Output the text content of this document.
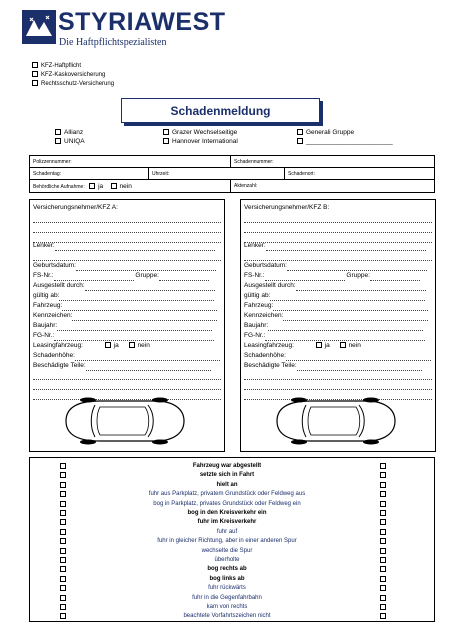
STYRIAWEST
Die Haftpflichtspezialisten
KFZ-Haftpflicht
KFZ-Kaskoversicherung
Rechtsschutz-Versicherung
Schadenmeldung
Allianz
UNIQA
Grazer Wechselseitige
Hannover International
Generali Gruppe
________________________
Polizzennummer:	Schadennummer:
Schadentag:	Uhrzeit:	Schadenort:
Behördliche Aufnahme: ja	nein	Aktenzahl:
Versicherungsnehmer/KFZ A:
Lenker:
Geburtsdatum:
FS-Nr.:	Gruppe:
Ausgestellt durch:
gültig ab:
Fahrzeug:
Kennzeichen:
Baujahr:
FG-Nr.:
Leasingfahrzeug:	ja	nein
Schadenhöhe:
Beschädigte Teile:
Versicherungsnehmer/KFZ B:
Lenker:
Geburtsdatum:
FS-Nr.:	Gruppe:
Ausgestellt durch:
gültig ab:
Fahrzeug:
Kennzeichen:
Baujahr:
FG-Nr.:
Leasingfahrzeug:	ja	nein
Schadenhöhe:
Beschädigte Teile:
Fahrzeug war abgestellt
setzte sich in Fahrt
hielt an
fuhr aus Parkplatz, privatem Grundstück oder Feldweg aus
bog in Parkplatz, privates Grundstück oder Feldweg ein
bog in den Kreisverkehr ein
fuhr im Kreisverkehr
fuhr auf
fuhr in gleicher Richtung, aber in einer anderen Spur
wechselte die Spur
überholte
bog rechts ab
bog links ab
fuhr rückwärts
fuhr in die Gegenfahrbahn
kam von rechts
beachtete Vorfahrtszeichen nicht
